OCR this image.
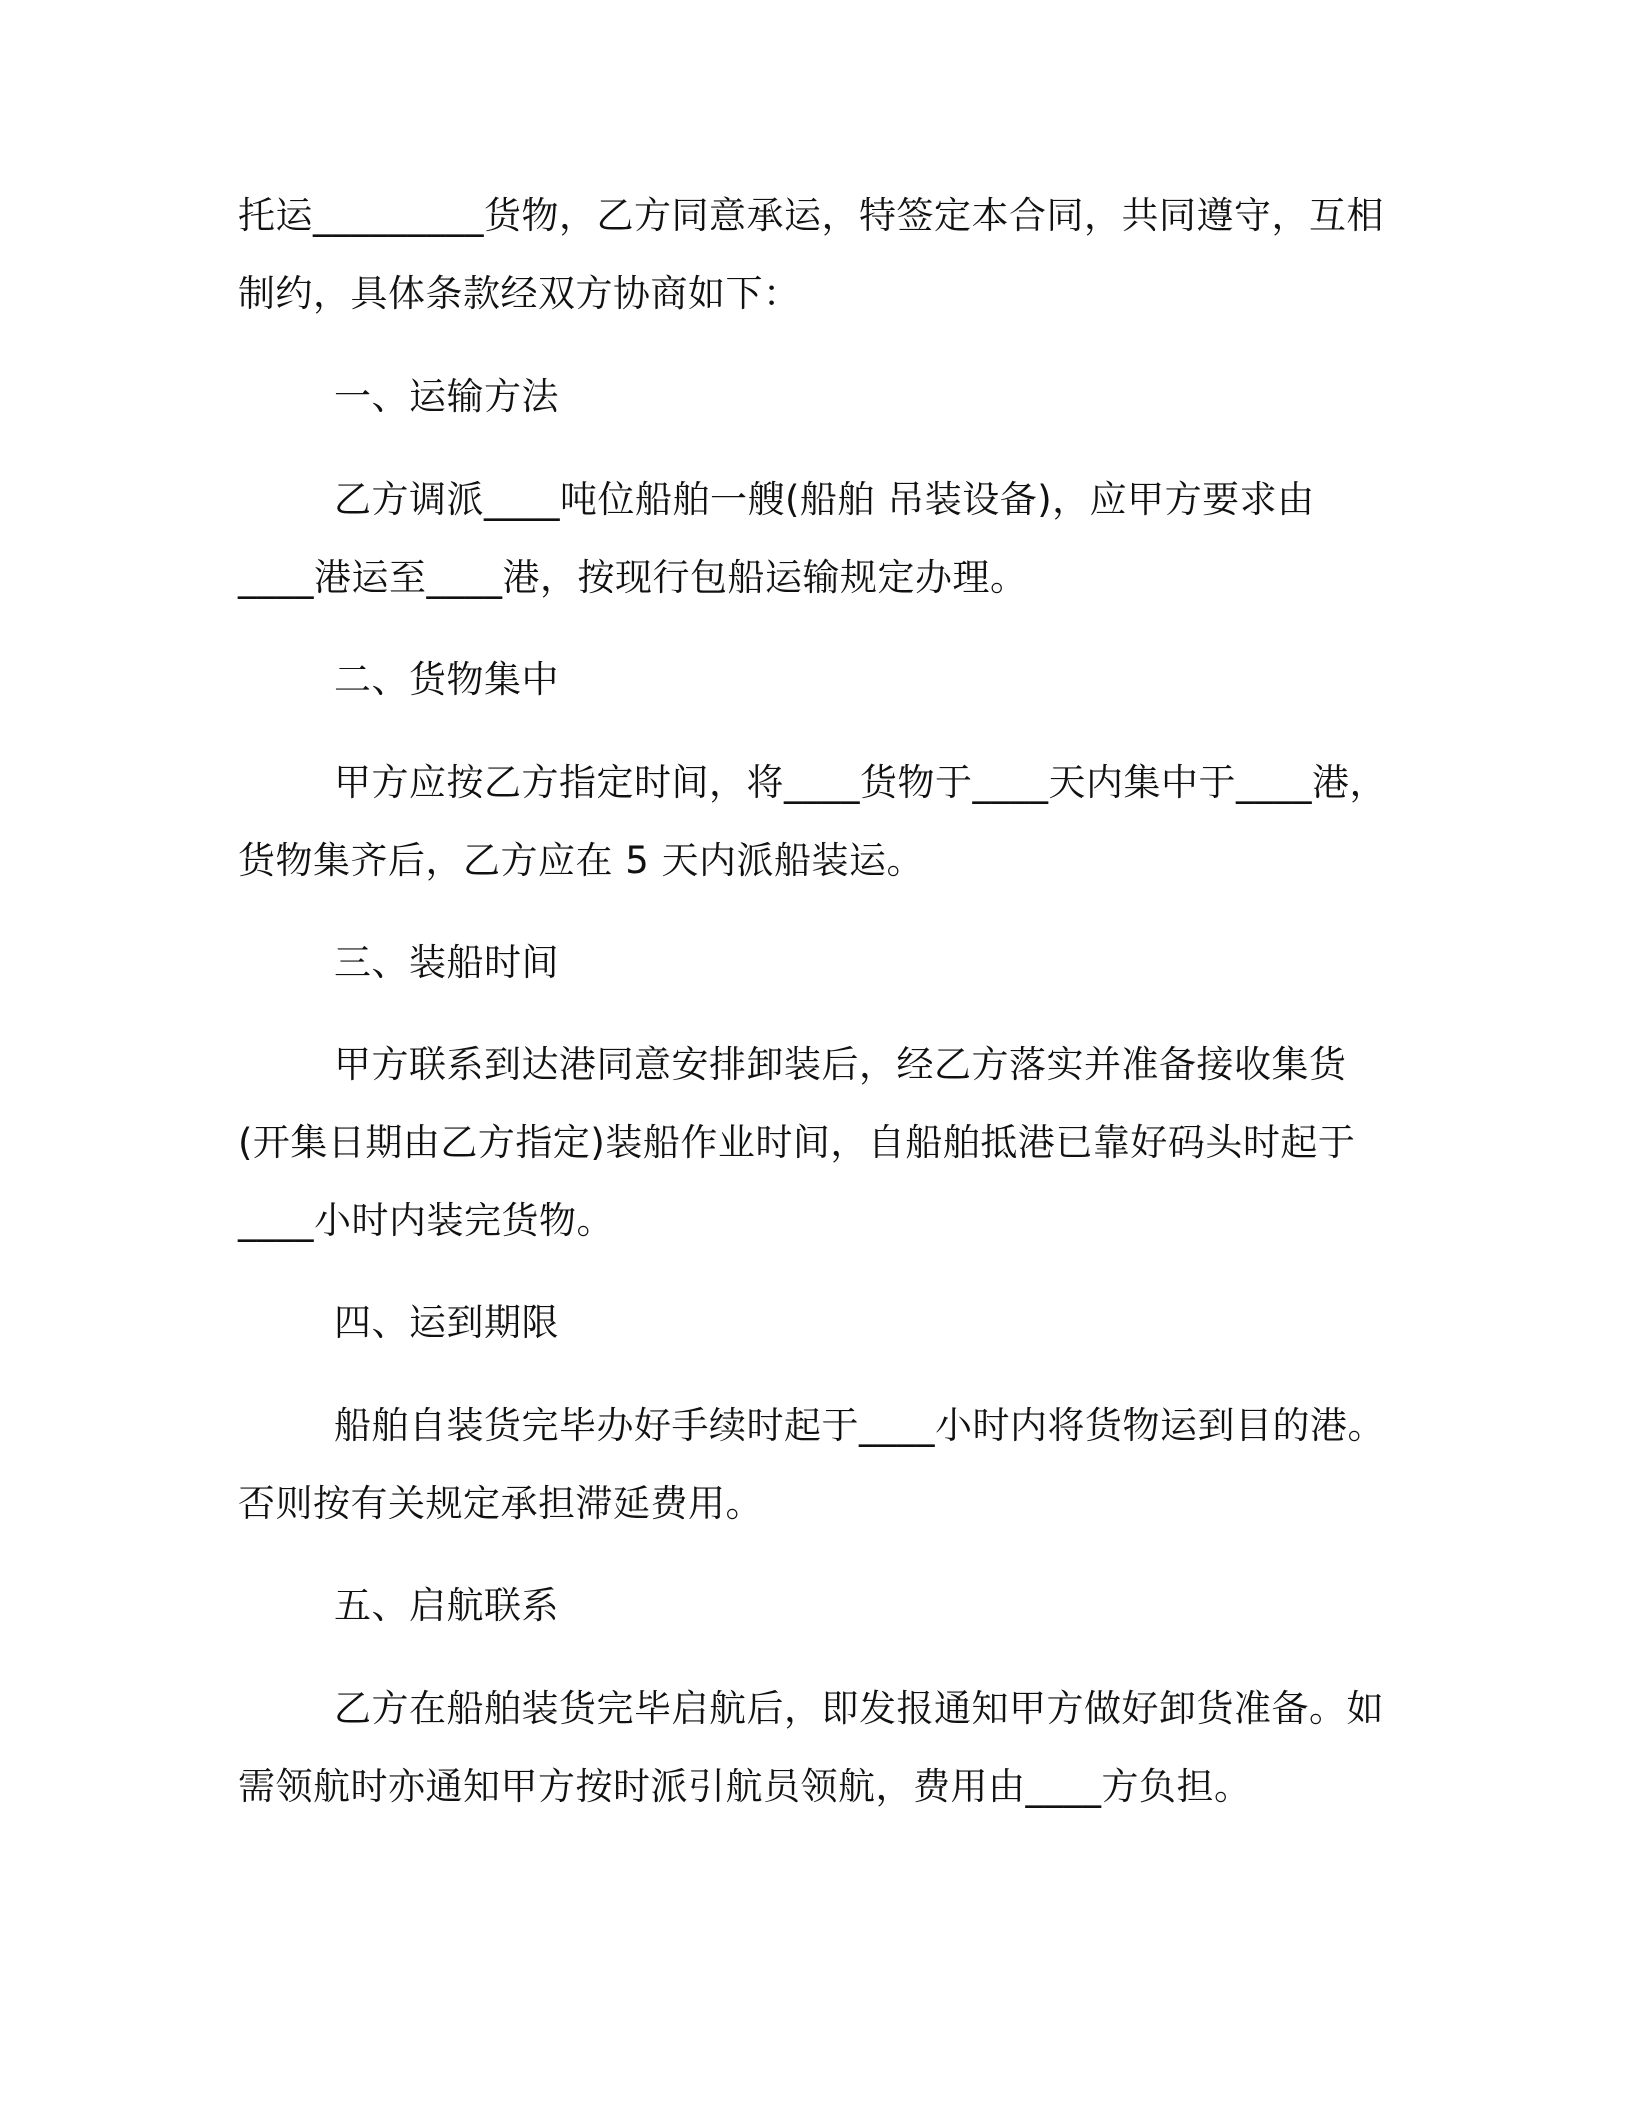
托运_________货物，乙方同意承运，特签定本合同，共同遵守，互相
制约，具体条款经双方协商如下：
一、运输方法
乙方调派____吨位船舶一艘(船舶 吊装设备)，应甲方要求由
____港运至____港，按现行包船运输规定办理。
二、货物集中
甲方应按乙方指定时间，将____货物于____天内集中于____港，
货物集齐后，乙方应在 5 天内派船装运。
三、装船时间
甲方联系到达港同意安排卸装后，经乙方落实并准备接收集货
(开集日期由乙方指定)装船作业时间，自船舶抵港已靠好码头时起于
____小时内装完货物。
四、运到期限
船舶自装货完毕办好手续时起于____小时内将货物运到目的港。
否则按有关规定承担滞延费用。
五、启航联系
乙方在船舶装货完毕启航后，即发报通知甲方做好卸货准备。如
需领航时亦通知甲方按时派引航员领航，费用由____方负担。
